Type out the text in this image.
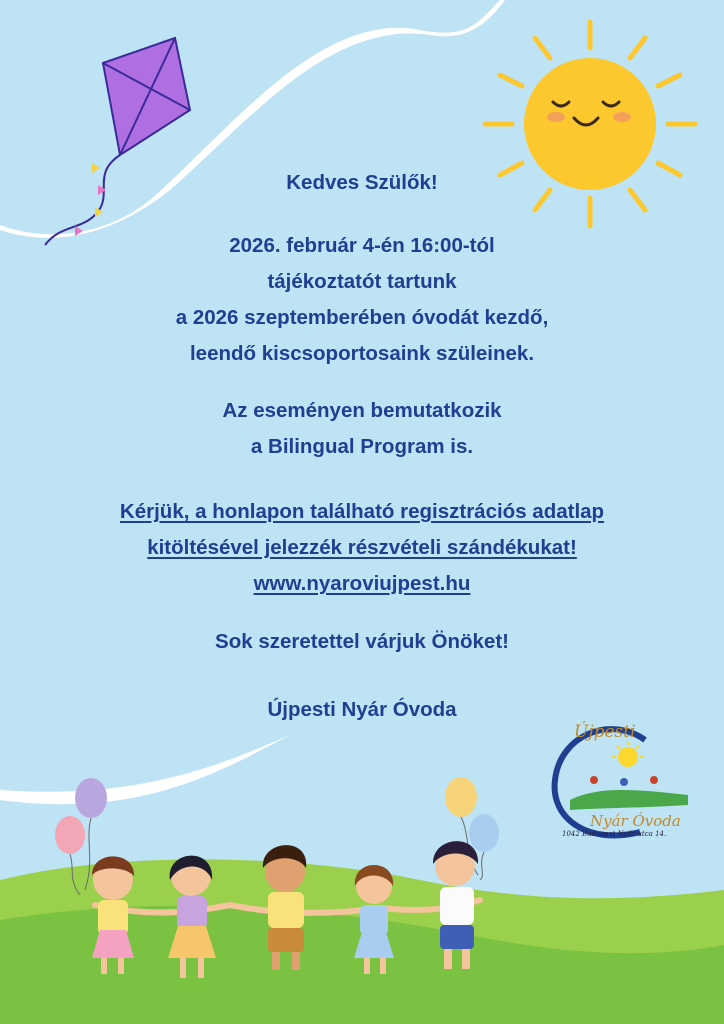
Kedves Szülők!
2026. február 4-én 16:00-tól
tájékoztatót tartunk
a 2026 szeptemberében óvodát kezdő,
leendő kiscsoportosaink szüleinek.
Az eseményen bemutatkozik
a Bilingual Program is.
Kérjük, a honlapon található regisztrációs adatlap
kitöltésével jelezzék részvételi szándékukat!
www.nyaroviujpest.hu
Sok szeretettel várjuk Önöket!
Újpesti Nyár Óvoda
Újpesti
Nyár Óvoda
1042 Budapest Nyár utca 14.
